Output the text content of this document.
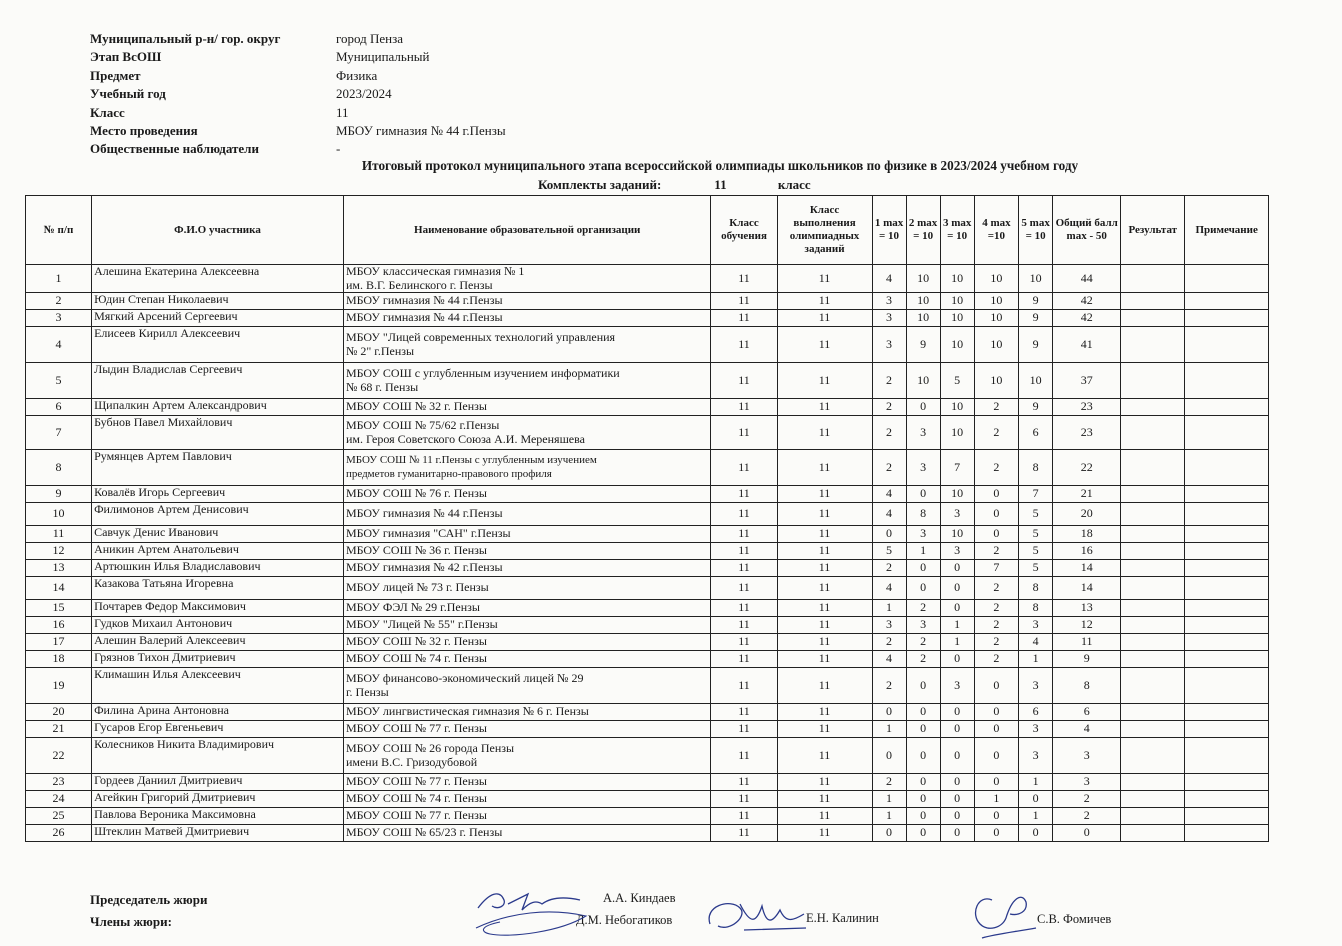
Муниципальный р-н/ гор. округ	город Пенза
Этап ВсОШ	Муниципальный
Предмет	Физика
Учебный год	2023/2024
Класс	11
Место проведения	МБОУ гимназия № 44 г.Пензы
Общественные наблюдатели	-
Итоговый протокол муниципального этапа всероссийской олимпиады школьников по физике в 2023/2024 учебном году
Комплекты заданий:	11	класс
№ п/п	Ф.И.О участника	Наименование образовательной организации	Класс обучения	Класс выполнения олимпиадных заданий	1 max = 10	2 max = 10	3 max = 10	4 max =10	5 max = 10	Общий балл max - 50	Результат	Примечание
1	Алешина Екатерина Алексеевна	МБОУ классическая гимназия № 1
им. В.Г. Белинского г. Пензы	11	11	4	10	10	10	10	44		
2	Юдин Степан Николаевич	МБОУ гимназия № 44 г.Пензы	11	11	3	10	10	10	9	42		
3	Мягкий Арсений Сергеевич	МБОУ гимназия № 44 г.Пензы	11	11	3	10	10	10	9	42		
4	Елисеев Кирилл Алексеевич	МБОУ "Лицей современных технологий управления
№ 2" г.Пензы	11	11	3	9	10	10	9	41		
5	Лыдин Владислав Сергеевич	МБОУ СОШ с углубленным изучением информатики
№ 68 г. Пензы	11	11	2	10	5	10	10	37		
6	Щипалкин Артем Александрович	МБОУ СОШ № 32 г. Пензы	11	11	2	0	10	2	9	23		
7	Бубнов Павел Михайлович	МБОУ СОШ № 75/62 г.Пензы
им. Героя Советского Союза А.И. Мереняшева	11	11	2	3	10	2	6	23		
8	Румянцев Артем Павлович	МБОУ СОШ № 11 г.Пензы с углубленным изучением
предметов гуманитарно-правового профиля	11	11	2	3	7	2	8	22		
9	Ковалёв Игорь Сергеевич	МБОУ СОШ № 76 г. Пензы	11	11	4	0	10	0	7	21		
10	Филимонов Артем Денисович	МБОУ гимназия № 44 г.Пензы	11	11	4	8	3	0	5	20		
11	Савчук Денис Иванович	МБОУ гимназия "САН" г.Пензы	11	11	0	3	10	0	5	18		
12	Аникин Артем Анатольевич	МБОУ СОШ № 36 г. Пензы	11	11	5	1	3	2	5	16		
13	Артюшкин Илья Владиславович	МБОУ гимназия № 42 г.Пензы	11	11	2	0	0	7	5	14		
14	Казакова Татьяна Игоревна	МБОУ лицей № 73 г. Пензы	11	11	4	0	0	2	8	14		
15	Почтарев Федор Максимович	МБОУ ФЭЛ № 29 г.Пензы	11	11	1	2	0	2	8	13		
16	Гудков Михаил Антонович	МБОУ "Лицей № 55" г.Пензы	11	11	3	3	1	2	3	12		
17	Алешин Валерий Алексеевич	МБОУ СОШ № 32 г. Пензы	11	11	2	2	1	2	4	11		
18	Грязнов Тихон Дмитриевич	МБОУ СОШ № 74 г. Пензы	11	11	4	2	0	2	1	9		
19	Климашин Илья Алексеевич	МБОУ финансово-экономический лицей № 29
г. Пензы	11	11	2	0	3	0	3	8		
20	Филина Арина Антоновна	МБОУ лингвистическая гимназия № 6 г. Пензы	11	11	0	0	0	0	6	6		
21	Гусаров Егор Евгеньевич	МБОУ СОШ № 77 г. Пензы	11	11	1	0	0	0	3	4		
22	Колесников Никита Владимирович	МБОУ СОШ № 26 города Пензы
имени В.С. Гризодубовой	11	11	0	0	0	0	3	3		
23	Гордеев Даниил Дмитриевич	МБОУ СОШ № 77 г. Пензы	11	11	2	0	0	0	1	3		
24	Агейкин Григорий Дмитриевич	МБОУ СОШ № 74 г. Пензы	11	11	1	0	0	1	0	2		
25	Павлова Вероника Максимовна	МБОУ СОШ № 77 г. Пензы	11	11	1	0	0	0	1	2		
26	Штеклин Матвей Дмитриевич	МБОУ СОШ № 65/23 г. Пензы	11	11	0	0	0	0	0	0		
Председатель жюри
Члены жюри:
А.А. Киндаев
Д.М. Небогатиков	Е.Н. Калинин	С.В. Фомичев
